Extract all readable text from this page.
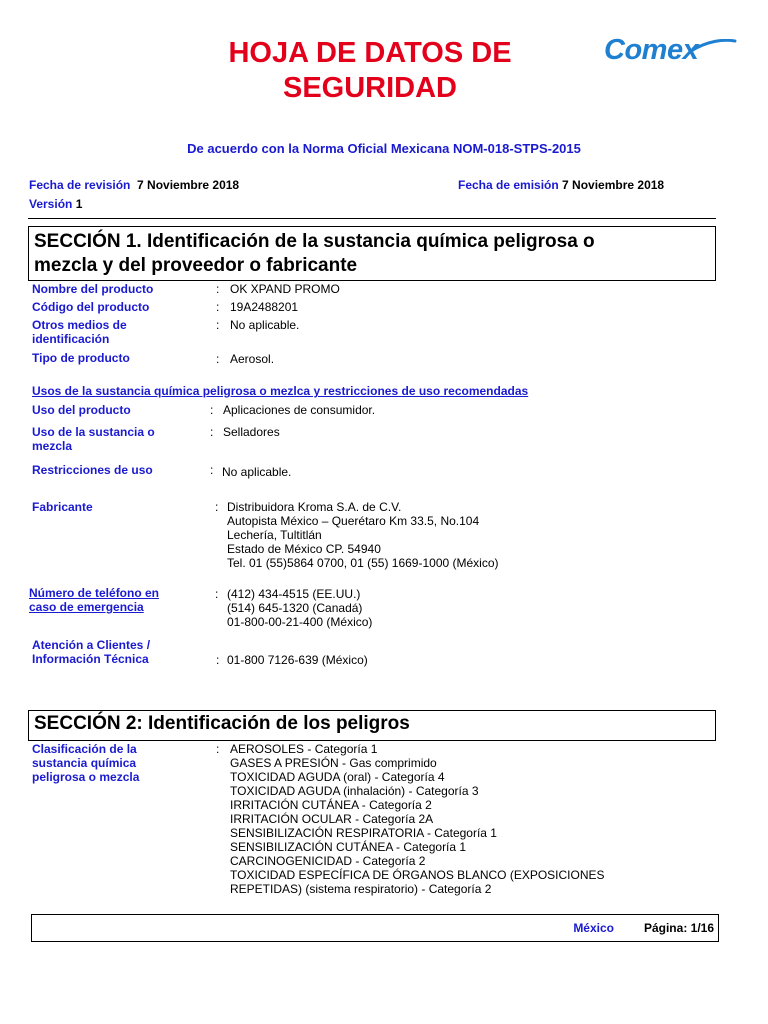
HOJA DE DATOS DE
SEGURIDAD
Comex
De acuerdo con la Norma Oficial Mexicana NOM-018-STPS-2015
Fecha de revisión 7 Noviembre 2018	Fecha de emisión 7 Noviembre 2018
Versión 1
SECCIÓN 1. Identificación de la sustancia química peligrosa o
mezcla y del proveedor o fabricante
Nombre del producto	: OK XPAND PROMO
Código del producto	: 19A2488201
Otros medios de
identificación
: No aplicable.
Tipo de producto	: Aerosol.
Usos de la sustancia química peligrosa o mezlca y restricciones de uso recomendadas
Uso del producto	: Aplicaciones de consumidor.
Uso de la sustancia o
mezcla
: Selladores
Restricciones de uso	: No aplicable.
Fabricante	: Distribuidora Kroma S.A. de C.V.
Autopista México – Querétaro Km 33.5, No.104
Lechería, Tultitlán
Estado de México CP. 54940
Tel. 01 (55)5864 0700, 01 (55) 1669-1000 (México)
Número de teléfono en
caso de emergencia
: (412) 434-4515 (EE.UU.)
(514) 645-1320 (Canadá)
01-800-00-21-400 (México)
Atención a Clientes /
Información Técnica	: 01-800 7126-639 (México)
SECCIÓN 2: Identificación de los peligros
Clasificación de la
sustancia química
peligrosa o mezcla
: AEROSOLES - Categoría 1
GASES A PRESIÓN - Gas comprimido
TOXICIDAD AGUDA (oral) - Categoría 4
TOXICIDAD AGUDA (inhalación) - Categoría 3
IRRITACIÓN CUTÁNEA - Categoría 2
IRRITACIÓN OCULAR - Categoría 2A
SENSIBILIZACIÓN RESPIRATORIA - Categoría 1
SENSIBILIZACIÓN CUTÁNEA - Categoría 1
CARCINOGENICIDAD - Categoría 2
TOXICIDAD ESPECÍFICA DE ÓRGANOS BLANCO (EXPOSICIONES
REPETIDAS) (sistema respiratorio) - Categoría 2
México Página: 1/16
